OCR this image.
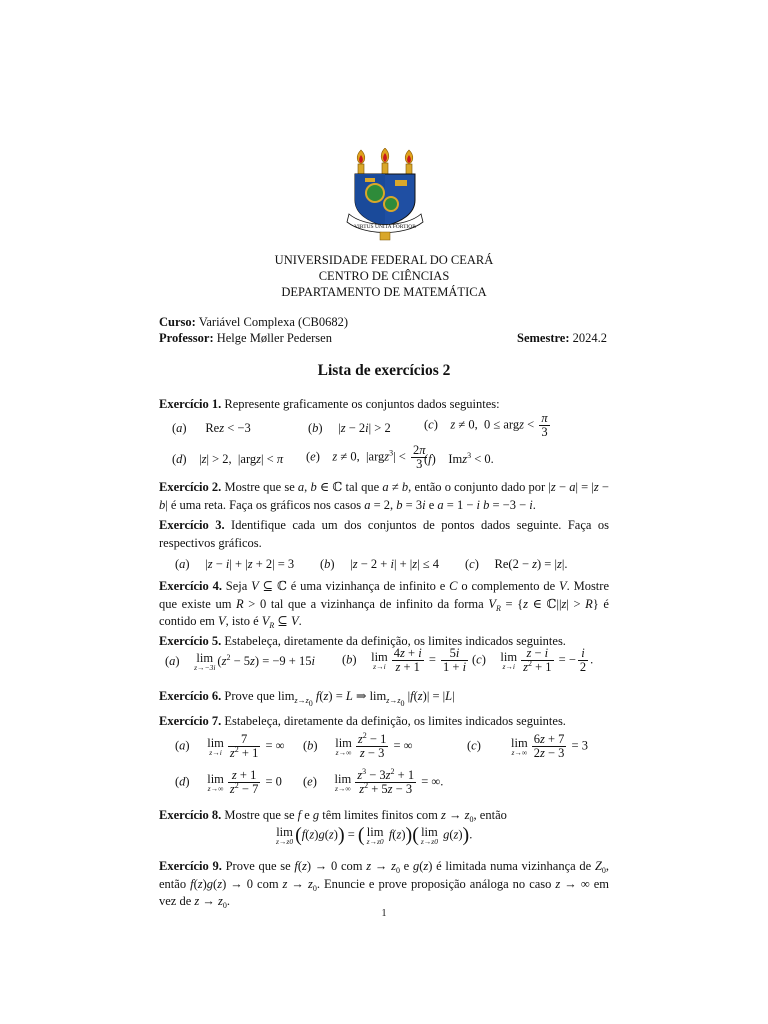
VIRTUS UNITA FORTIOR
UNIVERSIDADE FEDERAL DO CEARÁ
CENTRO DE CIÊNCIAS
DEPARTAMENTO DE MATEMÁTICA
Curso: Variável Complexa (CB0682)
Professor: Helge Møller Pedersen	Semestre: 2024.2
Lista de exercícios 2
Exercício 1. Represente graficamente os conjuntos dados seguintes:
(a)      Rez < −3	(b)     |z − 2i| > 2	(c)    z ≠ 0,  0 ≤ argz < $\frac{\pi}{3}$
(d)    |z| > 2,  |argz| < π (e)    z ≠ 0,  |argz$^3$| < $\frac{2\pi}{3}$
(f)    Imz$^3$ < 0.
Exercício 2. Mostre que se a, b ∈ ℂ tal que a ≠ b, então o conjunto dado por |z − a| = |z − b| é uma reta. Faça os gráficos nos casos a = 2, b = 3i e a = 1 − i b = −3 − i.
Exercício 3. Identifique cada um dos conjuntos de pontos dados seguinte. Faça os respectivos gráficos.
(a)     |z − i| + |z + 2| = 3 (b)     |z − 2 + i| + |z| ≤ 4 (c)     Re(2 − z) = |z|.
Exercício 4. Seja V ⊆ ℂ é uma vizinhança de infinito e C o complemento de V. Mostre que existe um R > 0 tal que a vizinhança de infinito da forma $V_R = \{z$ ∈ ℂ||z| > R} é contido em V, isto é $V_R$ ⊆ V.
Exercício 5. Estabeleça, diretamente da definição, os limites indicados seguintes.
(a) lim
z→−3i $(z^2 - 5z) = -9 + 15i$ (b) lim
$z\to i \frac{4z + i}{z + 1} = \frac{5i}{1 + i} (c)$ lim
$z\to i \frac{z - i}{z^2 + 1}$ = − $\frac{i}{2}$ .
Exercício 6. Prove que $\lim_{z\to z_0} f(z) = L$ ⇒ $\lim_{z\to z_0} |f(z)| = |L|$
Exercício 7. Estabeleça, diretamente da definição, os limites indicados seguintes.
(a) lim
$z\to i \frac{7}{z^2 + 1}$ = ∞ (b) lim
$z\to\infty \frac{z^2 - 1}{z - 3}$ = ∞	(c) lim
$z\to\infty \frac{6z + 7}{2z - 3} = 3$
(d) lim
$z\to\infty \frac{z + 1}{z^2 - 7} = 0$ (e) lim
$z\to\infty \frac{z^3 - 3z^2 + 1}{z^2 + 5z - 3}$ = ∞.
Exercício 8. Mostre que se f e g têm limites finitos com $z \to z_0$, então
lim
z→z0 (f(z)g(z)) = ( lim
z→z0 f(z))( lim
z→z0 g(z)).
Exercício 9. Prove que se f(z) → 0 com $z \to z_0$ e g(z) é limitada numa vizinhança de $Z_0$, então f(z)g(z) → 0 com $z \to z_0$. Enuncie e prove proposição análoga no caso z → ∞ em vez de $z \to z_0$.
1
